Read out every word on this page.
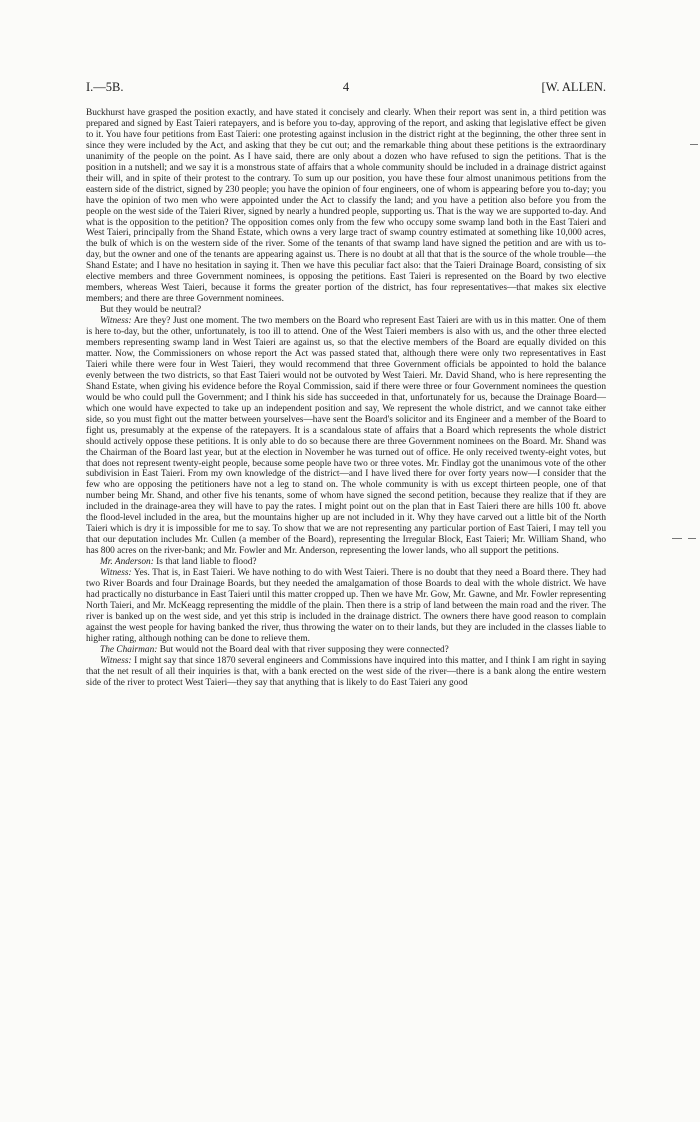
I.—5B.	4	[W. ALLEN.

Buckhurst have grasped the position exactly, and have stated it concisely and clearly. When their report was sent in, a third petition was prepared and signed by East Taieri ratepayers, and is before you to-day, approving of the report, and asking that legislative effect be given to it. You have four petitions from East Taieri: one protesting against inclusion in the district right at the beginning, the other three sent in since they were included by the Act, and asking that they be cut out; and the remarkable thing about these petitions is the extraordinary unanimity of the people on the point. As I have said, there are only about a dozen who have refused to sign the petitions. That is the position in a nutshell; and we say it is a monstrous state of affairs that a whole community should be included in a drainage district against their will, and in spite of their protest to the contrary. To sum up our position, you have these four almost unanimous petitions from the eastern side of the district, signed by 230 people; you have the opinion of four engineers, one of whom is appearing before you to-day; you have the opinion of two men who were appointed under the Act to classify the land; and you have a petition also before you from the people on the west side of the Taieri River, signed by nearly a hundred people, supporting us. That is the way we are supported to-day. And what is the opposition to the petition? The opposition comes only from the few who occupy some swamp land both in the East Taieri and West Taieri, principally from the Shand Estate, which owns a very large tract of swamp country estimated at something like 10,000 acres, the bulk of which is on the western side of the river. Some of the tenants of that swamp land have signed the petition and are with us to-day, but the owner and one of the tenants are appearing against us. There is no doubt at all that that is the source of the whole trouble—the Shand Estate; and I have no hesitation in saying it. Then we have this peculiar fact also: that the Taieri Drainage Board, consisting of six elective members and three Government nominees, is opposing the petitions. East Taieri is represented on the Board by two elective members, whereas West Taieri, because it forms the greater portion of the district, has four representatives—that makes six elective members; and there are three Government nominees.

But they would be neutral?

Witness: Are they? Just one moment. The two members on the Board who represent East Taieri are with us in this matter. One of them is here to-day, but the other, unfortunately, is too ill to attend. One of the West Taieri members is also with us, and the other three elected members representing swamp land in West Taieri are against us, so that the elective members of the Board are equally divided on this matter. Now, the Commissioners on whose report the Act was passed stated that, although there were only two representatives in East Taieri while there were four in West Taieri, they would recommend that three Government officials be appointed to hold the balance evenly between the two districts, so that East Taieri would not be outvoted by West Taieri. Mr. David Shand, who is here representing the Shand Estate, when giving his evidence before the Royal Commission, said if there were three or four Government nominees the question would be who could pull the Government; and I think his side has succeeded in that, unfortunately for us, because the Drainage Board—which one would have expected to take up an independent position and say, We represent the whole district, and we cannot take either side, so you must fight out the matter between yourselves—have sent the Board's solicitor and its Engineer and a member of the Board to fight us, presumably at the expense of the ratepayers. It is a scandalous state of affairs that a Board which represents the whole district should actively oppose these petitions. It is only able to do so because there are three Government nominees on the Board. Mr. Shand was the Chairman of the Board last year, but at the election in November he was turned out of office. He only received twenty-eight votes, but that does not represent twenty-eight people, because some people have two or three votes. Mr. Findlay got the unanimous vote of the other subdivision in East Taieri. From my own knowledge of the district—and I have lived there for over forty years now—I consider that the few who are opposing the petitioners have not a leg to stand on. The whole community is with us except thirteen people, one of that number being Mr. Shand, and other five his tenants, some of whom have signed the second petition, because they realize that if they are included in the drainage-area they will have to pay the rates. I might point out on the plan that in East Taieri there are hills 100 ft. above the flood-level included in the area, but the mountains higher up are not included in it. Why they have carved out a little bit of the North Taieri which is dry it is impossible for me to say. To show that we are not representing any particular portion of East Taieri, I may tell you that our deputation includes Mr. Cullen (a member of the Board), representing the Irregular Block, East Taieri; Mr. William Shand, who has 800 acres on the river-bank; and Mr. Fowler and Mr. Anderson, representing the lower lands, who all support the petitions.

Mr. Anderson: Is that land liable to flood?

Witness: Yes. That is, in East Taieri. We have nothing to do with West Taieri. There is no doubt that they need a Board there. They had two River Boards and four Drainage Boards, but they needed the amalgamation of those Boards to deal with the whole district. We have had practically no disturbance in East Taieri until this matter cropped up. Then we have Mr. Gow, Mr. Gawne, and Mr. Fowler representing North Taieri, and Mr. McKeagg representing the middle of the plain. Then there is a strip of land between the main road and the river. The river is banked up on the west side, and yet this strip is included in the drainage district. The owners there have good reason to complain against the west people for having banked the river, thus throwing the water on to their lands, but they are included in the classes liable to higher rating, although nothing can be done to relieve them.

The Chairman: But would not the Board deal with that river supposing they were connected?

Witness: I might say that since 1870 several engineers and Commissions have inquired into this matter, and I think I am right in saying that the net result of all their inquiries is that, with a bank erected on the west side of the river—there is a bank along the entire western side of the river to protect West Taieri—they say that anything that is likely to do East Taieri any good
